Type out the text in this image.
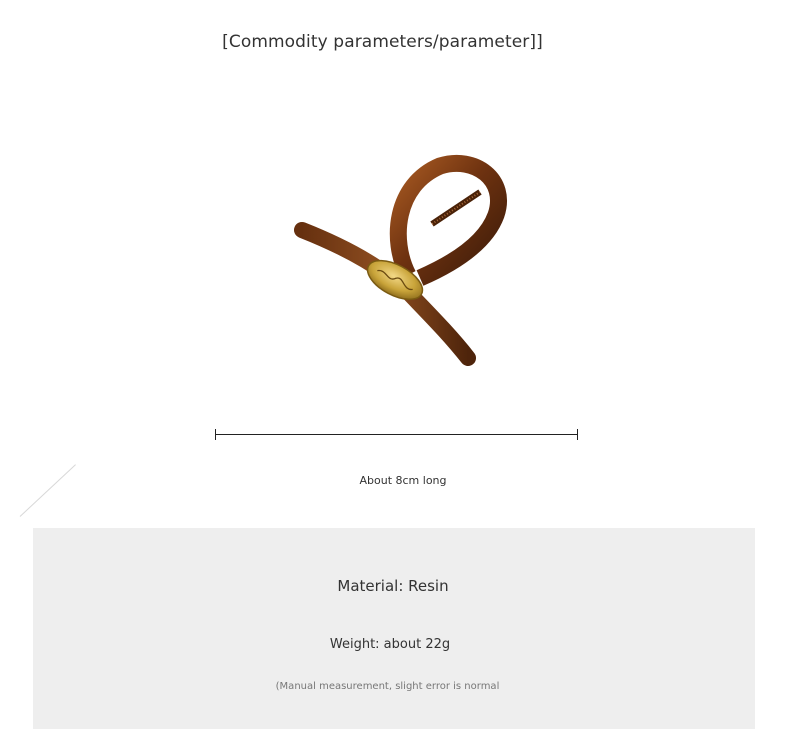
[Commodity parameters/parameter]]
About 8cm long
Material: Resin
Weight: about 22g
(Manual measurement, slight error is normal
